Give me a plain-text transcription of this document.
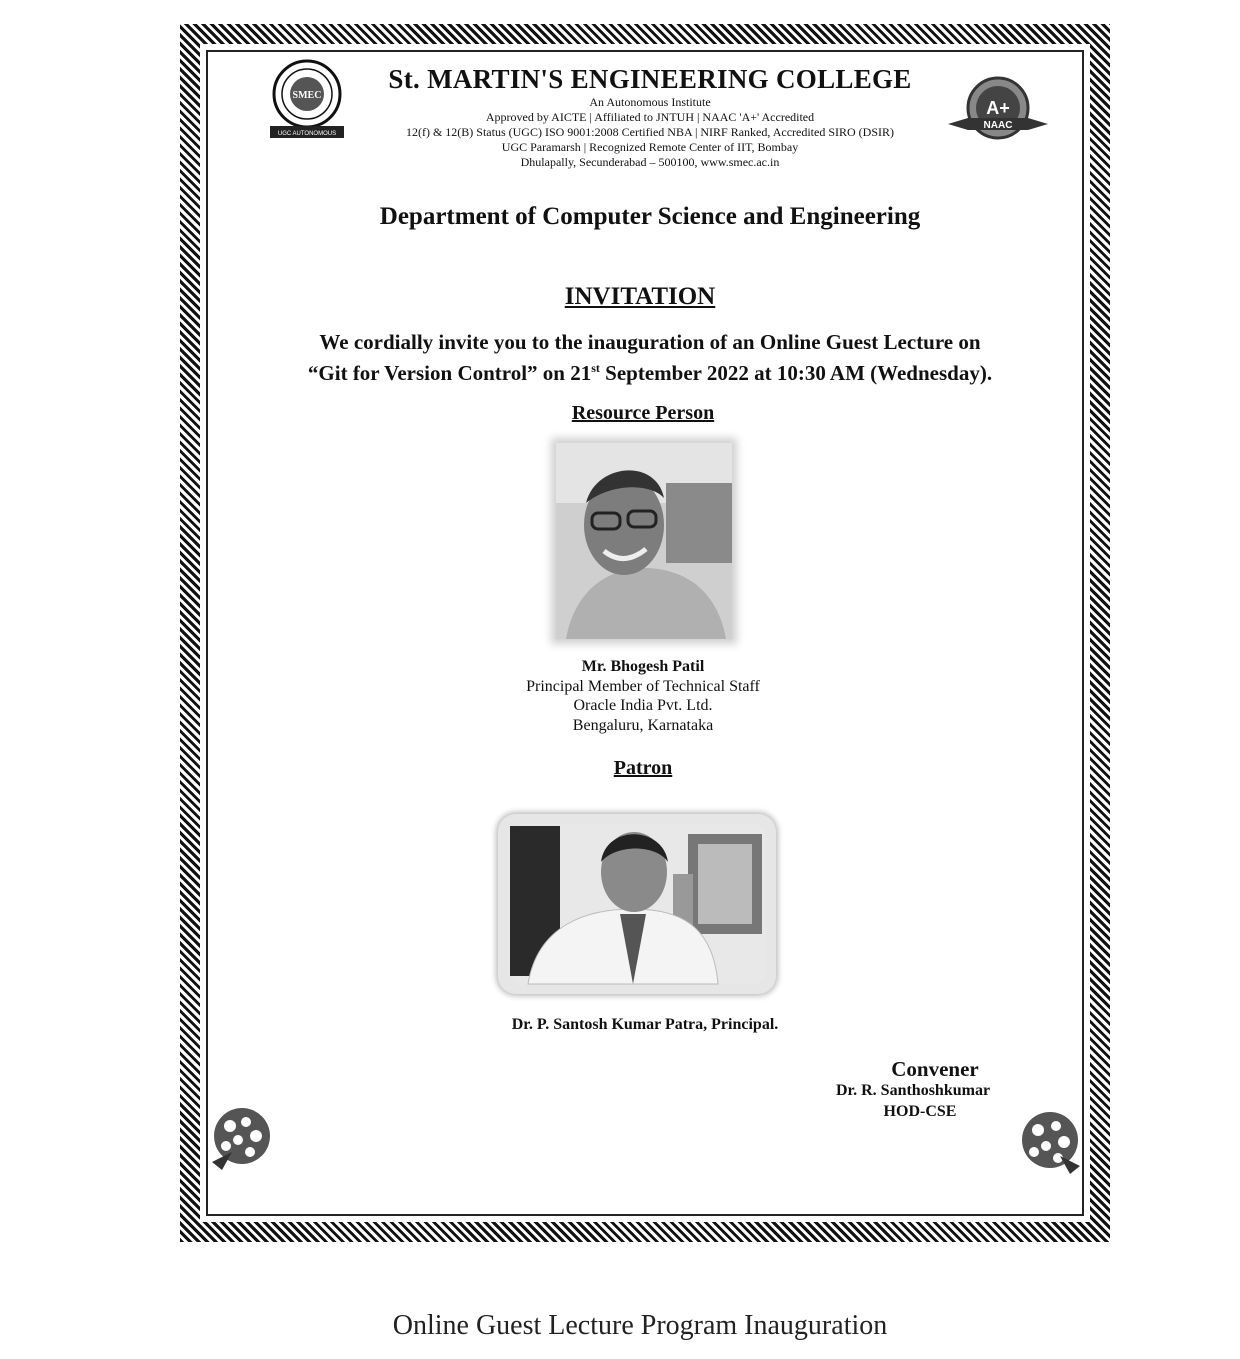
SMEC
UGC AUTONOMOUS
A+
NAAC
St. MARTIN'S ENGINEERING COLLEGE
An Autonomous Institute
Approved by AICTE | Affiliated to JNTUH | NAAC 'A+' Accredited
12(f) & 12(B) Status (UGC) ISO 9001:2008 Certified NBA | NIRF Ranked, Accredited SIRO (DSIR)
UGC Paramarsh | Recognized Remote Center of IIT, Bombay
Dhulapally, Secunderabad – 500100, www.smec.ac.in
Department of Computer Science and Engineering
INVITATION
We cordially invite you to the inauguration of an Online Guest Lecture on
“Git for Version Control” on 21st September 2022 at 10:30 AM (Wednesday).
Resource Person
Mr. Bhogesh Patil
Principal Member of Technical Staff
Oracle India Pvt. Ltd.
Bengaluru, Karnataka
Patron
Dr. P. Santosh Kumar Patra, Principal.
Convener
Dr. R. Santhoshkumar
HOD-CSE
Online Guest Lecture Program Inauguration
